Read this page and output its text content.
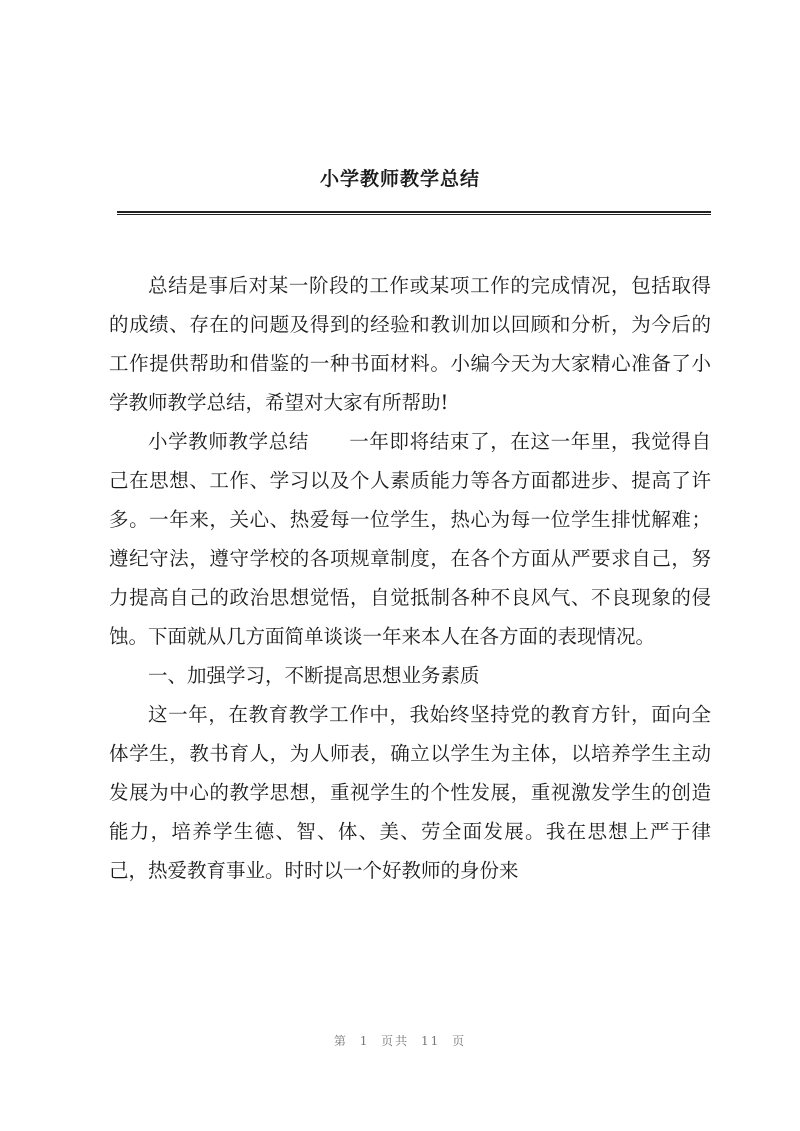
小学教师教学总结

总结是事后对某一阶段的工作或某项工作的完成情况，包括取得的成绩、存在的问题及得到的经验和教训加以回顾和分析，为今后的工作提供帮助和借鉴的一种书面材料。小编今天为大家精心准备了小学教师教学总结，希望对大家有所帮助!

小学教师教学总结　　一年即将结束了，在这一年里，我觉得自己在思想、工作、学习以及个人素质能力等各方面都进步、提高了许多。一年来，关心、热爱每一位学生，热心为每一位学生排忧解难；遵纪守法，遵守学校的各项规章制度，在各个方面从严要求自己，努力提高自己的政治思想觉悟，自觉抵制各种不良风气、不良现象的侵蚀。下面就从几方面简单谈谈一年来本人在各方面的表现情况。

一、加强学习，不断提高思想业务素质

这一年，在教育教学工作中，我始终坚持党的教育方针，面向全体学生，教书育人，为人师表，确立以学生为主体，以培养学生主动发展为中心的教学思想，重视学生的个性发展，重视激发学生的创造能力，培养学生德、智、体、美、劳全面发展。我在思想上严于律己，热爱教育事业。时时以一个好教师的身份来

第 1 页共 11 页
